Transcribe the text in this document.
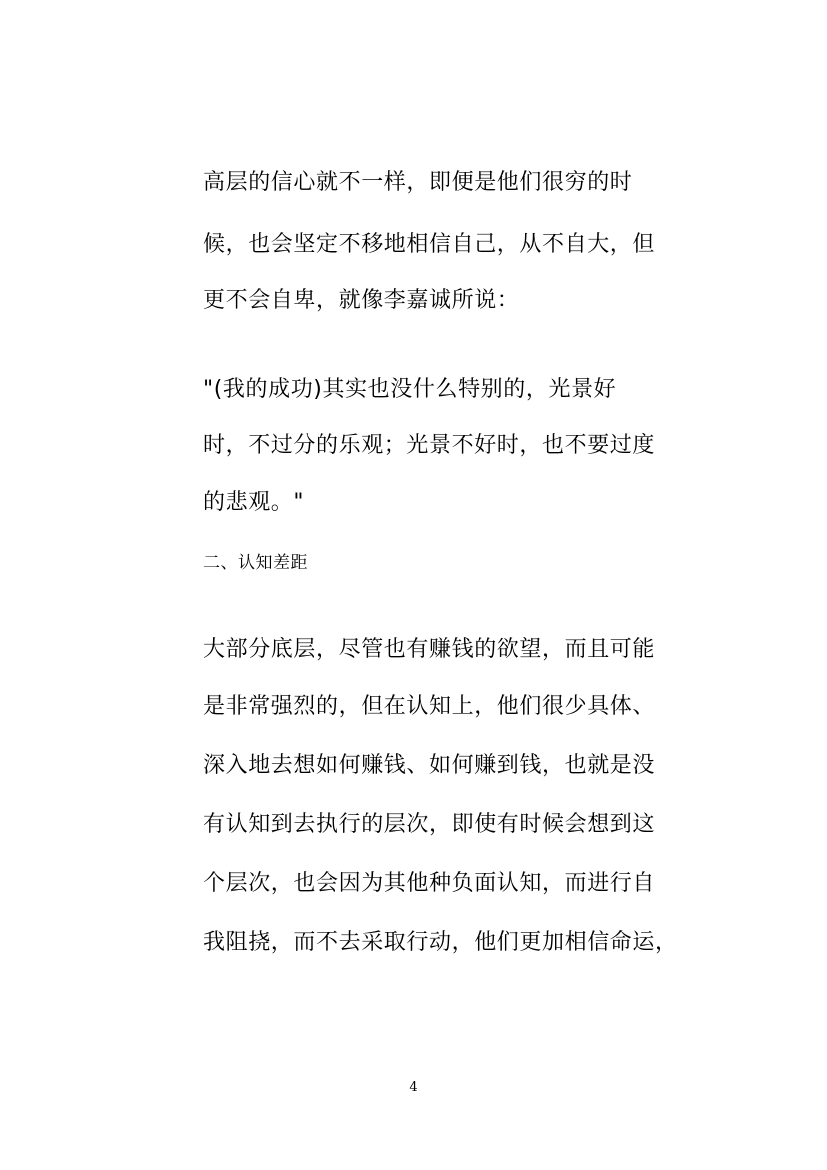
高层的信心就不一样，即便是他们很穷的时
候，也会坚定不移地相信自己，从不自大，但
更不会自卑，就像李嘉诚所说：
"(我的成功)其实也没什么特别的，光景好
时，不过分的乐观；光景不好时，也不要过度
的悲观。"
二、认知差距
大部分底层，尽管也有赚钱的欲望，而且可能
是非常强烈的，但在认知上，他们很少具体、
深入地去想如何赚钱、如何赚到钱，也就是没
有认知到去执行的层次，即使有时候会想到这
个层次，也会因为其他种负面认知，而进行自
我阻挠，而不去采取行动，他们更加相信命运，
4
